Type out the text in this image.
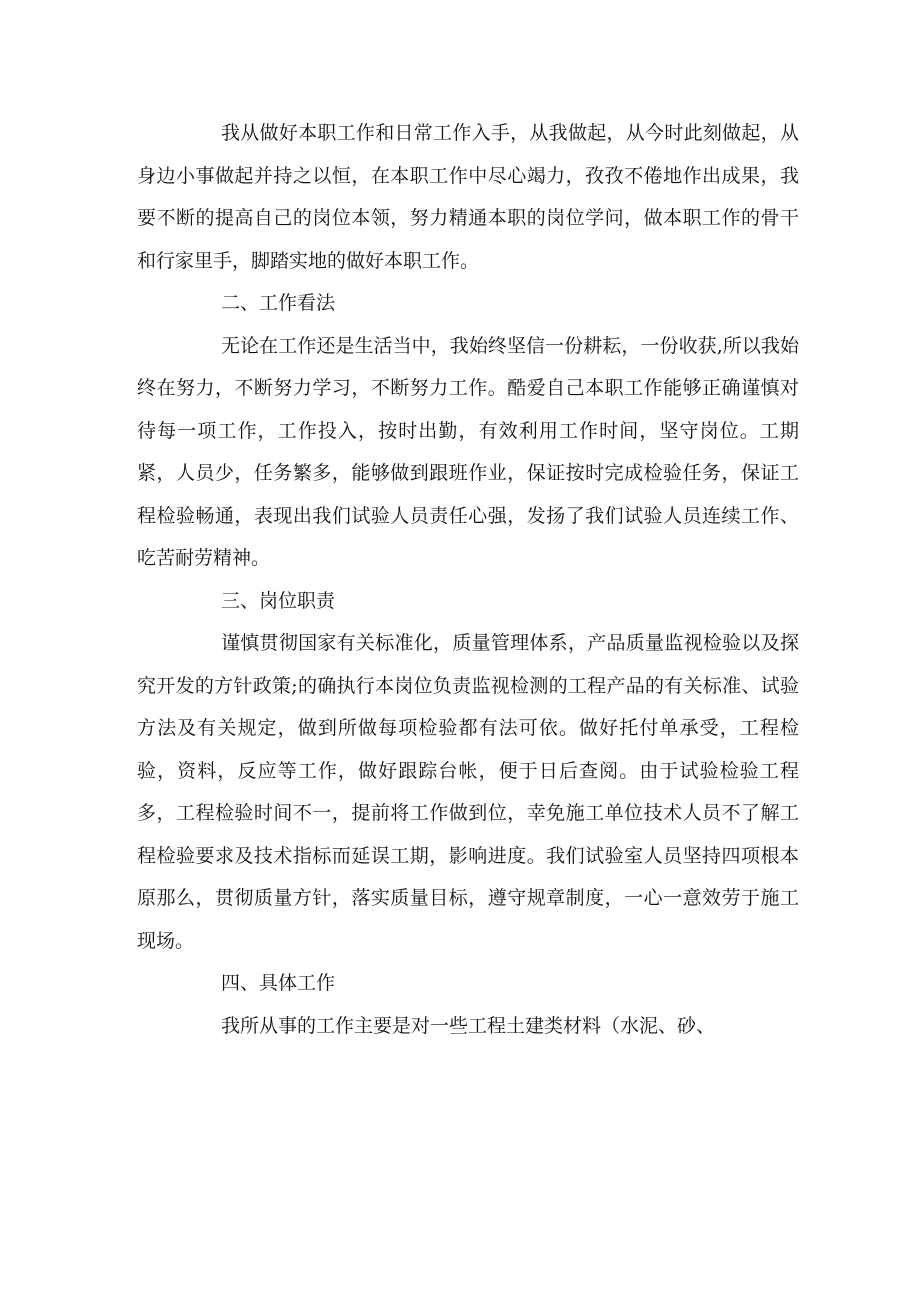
我从做好本职工作和日常工作入手，从我做起，从今时此刻做起，从身边小事做起并持之以恒，在本职工作中尽心竭力，孜孜不倦地作出成果，我要不断的提高自己的岗位本领，努力精通本职的岗位学问，做本职工作的骨干和行家里手，脚踏实地的做好本职工作。

二、工作看法

无论在工作还是生活当中，我始终坚信一份耕耘，一份收获,所以我始终在努力，不断努力学习，不断努力工作。酷爱自己本职工作能够正确谨慎对待每一项工作，工作投入，按时出勤，有效利用工作时间，坚守岗位。工期紧，人员少，任务繁多，能够做到跟班作业，保证按时完成检验任务，保证工程检验畅通，表现出我们试验人员责任心强，发扬了我们试验人员连续工作、吃苦耐劳精神。

三、岗位职责

谨慎贯彻国家有关标准化，质量管理体系，产品质量监视检验以及探究开发的方针政策;的确执行本岗位负责监视检测的工程产品的有关标准、试验方法及有关规定，做到所做每项检验都有法可依。做好托付单承受，工程检验，资料，反应等工作，做好跟踪台帐，便于日后查阅。由于试验检验工程多，工程检验时间不一，提前将工作做到位，幸免施工单位技术人员不了解工程检验要求及技术指标而延误工期，影响进度。我们试验室人员坚持四项根本原那么，贯彻质量方针，落实质量目标，遵守规章制度，一心一意效劳于施工现场。

四、具体工作

我所从事的工作主要是对一些工程土建类材料（水泥、砂、
